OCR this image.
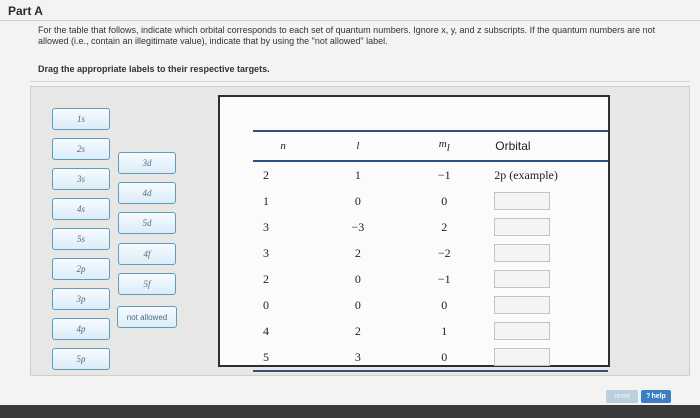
Part A
For the table that follows, indicate which orbital corresponds to each set of quantum numbers. Ignore x, y, and z subscripts. If the quantum numbers are not allowed (i.e., contain an illegitimate value), indicate that by using the "not allowed" label.
Drag the appropriate labels to their respective targets.
1s
2s
3s
4s
5s
2p
3p
4p
5p
3d
4d
5d
4f
5f
not allowed
n	l	$m_l$	Orbital
2	1	−1	2p (example)
1	0	0	

3	−3	2	

3	2	−2	

2	0	−1	

0	0	0	

4	2	1	

5	3	0	
reset	? help
